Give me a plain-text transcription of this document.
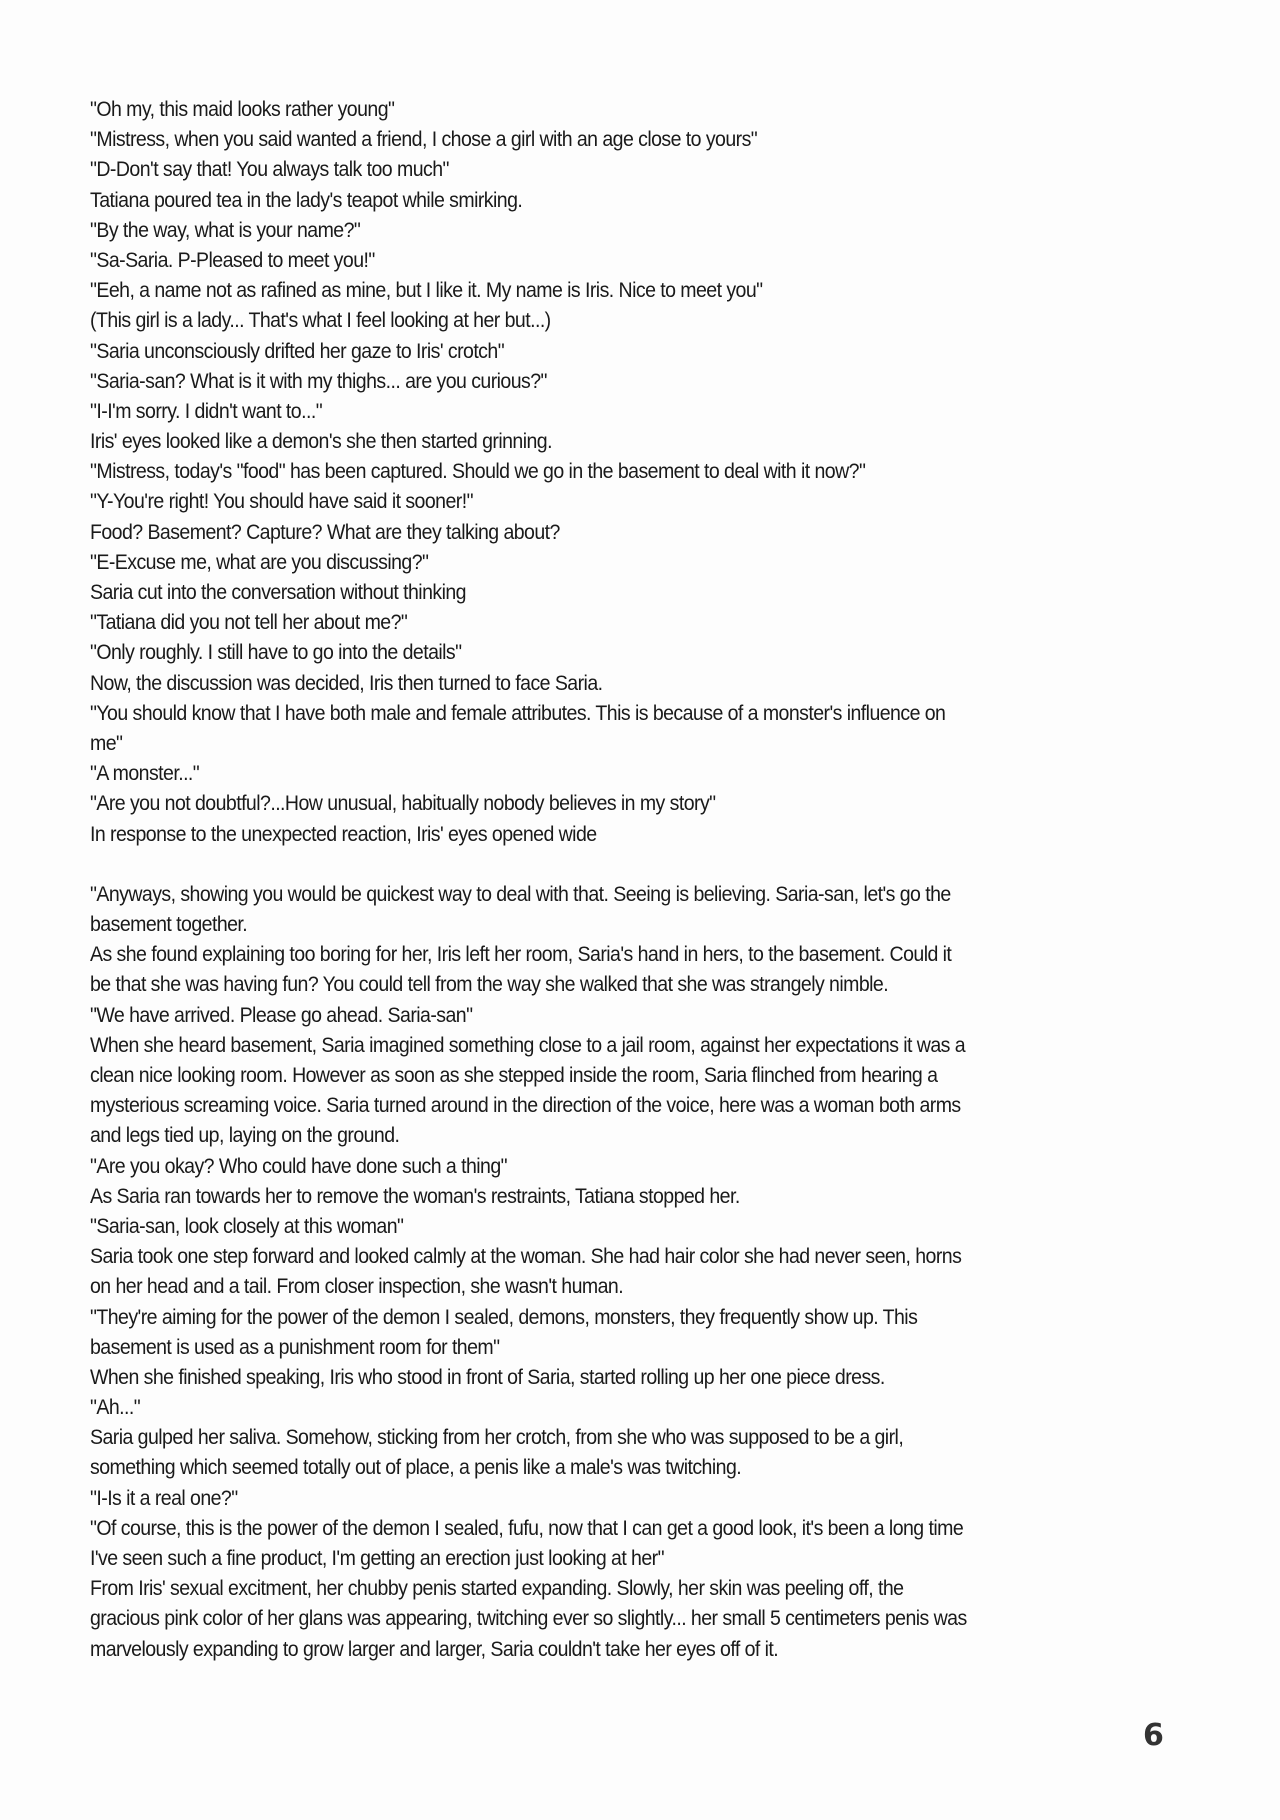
"Oh my, this maid looks rather young"
"Mistress, when you said wanted a friend, I chose a girl with an age close to yours"
"D-Don't say that! You always talk too much"
Tatiana poured tea in the lady's teapot while smirking.
"By the way, what is your name?"
"Sa-Saria. P-Pleased to meet you!"
"Eeh, a name not as rafined as mine, but I like it. My name is Iris. Nice to meet you"
(This girl is a lady... That's what I feel looking at her but...)
"Saria unconsciously drifted her gaze to Iris' crotch"
"Saria-san? What is it with my thighs... are you curious?"
"I-I'm sorry. I didn't want to..."
Iris' eyes looked like a demon's she then started grinning.
"Mistress, today's "food" has been captured. Should we go in the basement to deal with it now?"
"Y-You're right! You should have said it sooner!"
Food? Basement? Capture? What are they talking about?
"E-Excuse me, what are you discussing?"
Saria cut into the conversation without thinking
"Tatiana did you not tell her about me?"
"Only roughly. I still have to go into the details"
Now, the discussion was decided, Iris then turned to face Saria.
"You should know that I have both male and female attributes. This is because of a monster's influence on
me"
"A monster..."
"Are you not doubtful?...How unusual, habitually nobody believes in my story"
In response to the unexpected reaction, Iris' eyes opened wide
"Anyways, showing you would be quickest way to deal with that. Seeing is believing. Saria-san, let's go the
basement together.
As she found explaining too boring for her, Iris left her room, Saria's hand in hers, to the basement. Could it
be that she was having fun? You could tell from the way she walked that she was strangely nimble.
"We have arrived. Please go ahead. Saria-san"
When she heard basement, Saria imagined something close to a jail room, against her expectations it was a
clean nice looking room. However as soon as she stepped inside the room, Saria flinched from hearing a
mysterious screaming voice. Saria turned around in the direction of the voice, here was a woman both arms
and legs tied up, laying on the ground.
"Are you okay? Who could have done such a thing"
As Saria ran towards her to remove the woman's restraints, Tatiana stopped her.
"Saria-san, look closely at this woman"
Saria took one step forward and looked calmly at the woman. She had hair color she had never seen, horns
on her head and a tail. From closer inspection, she wasn't human.
"They're aiming for the power of the demon I sealed, demons, monsters, they frequently show up. This
basement is used as a punishment room for them"
When she finished speaking, Iris who stood in front of Saria, started rolling up her one piece dress.
"Ah..."
Saria gulped her saliva. Somehow, sticking from her crotch, from she who was supposed to be a girl,
something which seemed totally out of place, a penis like a male's was twitching.
"I-Is it a real one?"
"Of course, this is the power of the demon I sealed, fufu, now that I can get a good look, it's been a long time
I've seen such a fine product, I'm getting an erection just looking at her"
From Iris' sexual excitment, her chubby penis started expanding. Slowly, her skin was peeling off, the
gracious pink color of her glans was appearing, twitching ever so slightly... her small 5 centimeters penis was
marvelously expanding to grow larger and larger, Saria couldn't take her eyes off of it.
6
